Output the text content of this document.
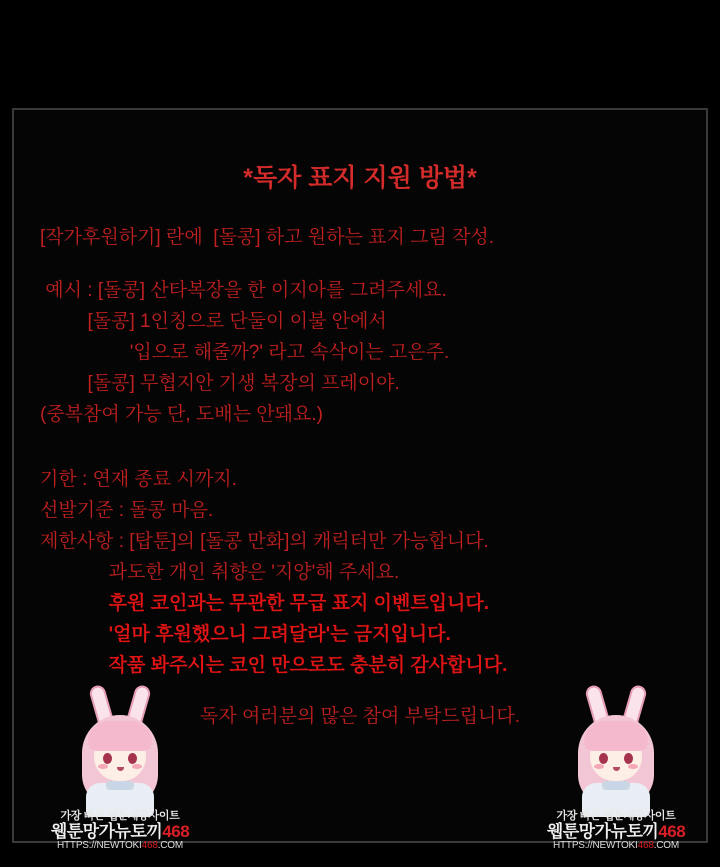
*독자 표지 지원 방법*

[작가후원하기] 란에  [돌콩] 하고 원하는 표지 그림 작성.

예시 : [돌콩] 산타복장을 한 이지아를 그려주세요.

[돌콩] 1인칭으로 단둘이 이불 안에서

'입으로 해줄까?' 라고 속삭이는 고은주.

[돌콩] 무협지안 기생 복장의 프레이야.

(중복참여 가능 단, 도배는 안돼요.)

기한 : 연재 종료 시까지.

선발기준 : 돌콩 마음.

제한사항 : [탑툰]의 [돌콩 만화]의 캐릭터만 가능합니다.

과도한 개인 취향은 '지양'해 주세요.

후원 코인과는 무관한 무급 표지 이벤트입니다.

'얼마 후원했으니 그려달라'는 금지입니다.

작품 봐주시는 코인 만으로도 충분히 감사합니다.

독자 여러분의 많은 참여 부탁드립니다.
가장 빠른 웹툰제공사이트
웹툰망가뉴토끼468
HTTPS://NEWTOKI468.COM
가장 빠른 웹툰제공사이트
웹툰망가뉴토끼468
HTTPS://NEWTOKI468.COM
